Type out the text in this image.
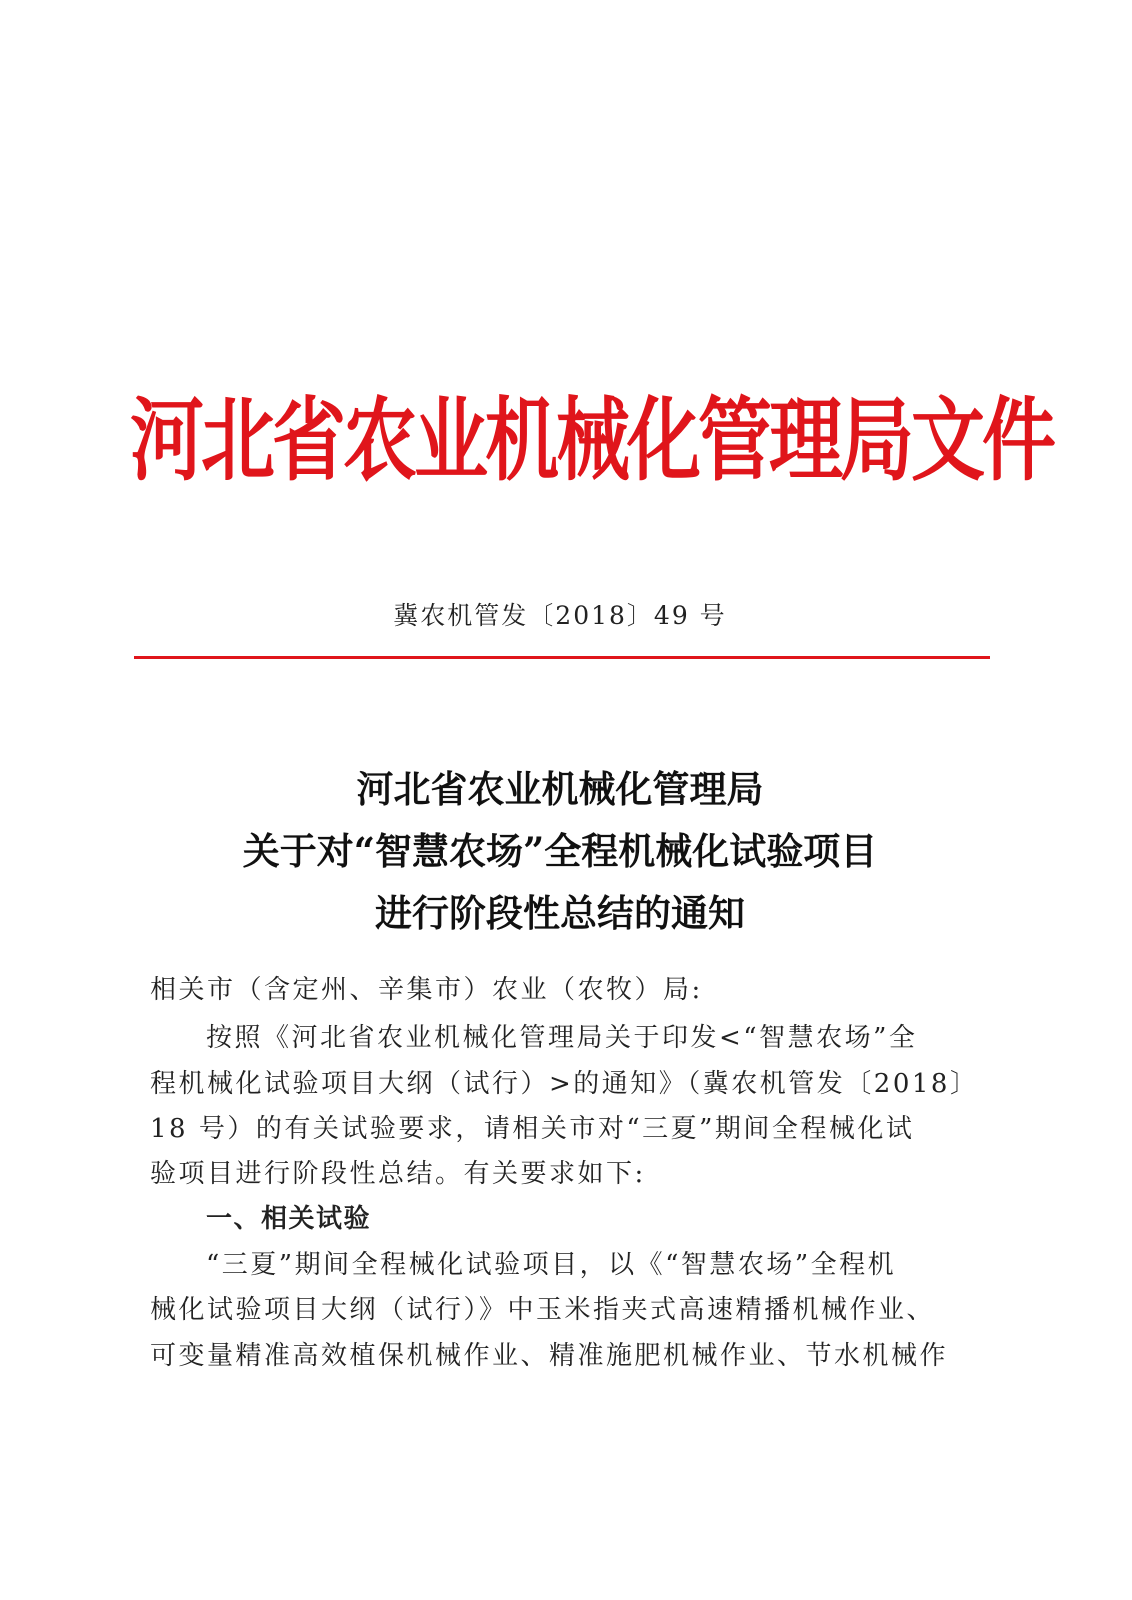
河北省农业机械化管理局文件
冀农机管发〔2018〕49 号
河北省农业机械化管理局
关于对“智慧农场”全程机械化试验项目
进行阶段性总结的通知
相关市（含定州、辛集市）农业（农牧）局:
按照《河北省农业机械化管理局关于印发<“智慧农场”全
程机械化试验项目大纲（试行）>的通知》（冀农机管发〔2018〕
18 号）的有关试验要求，请相关市对“三夏”期间全程械化试
验项目进行阶段性总结。有关要求如下:
一、相关试验
“三夏”期间全程械化试验项目，以《“智慧农场”全程机
械化试验项目大纲（试行）》中玉米指夹式高速精播机械作业、
可变量精准高效植保机械作业、精准施肥机械作业、节水机械作
